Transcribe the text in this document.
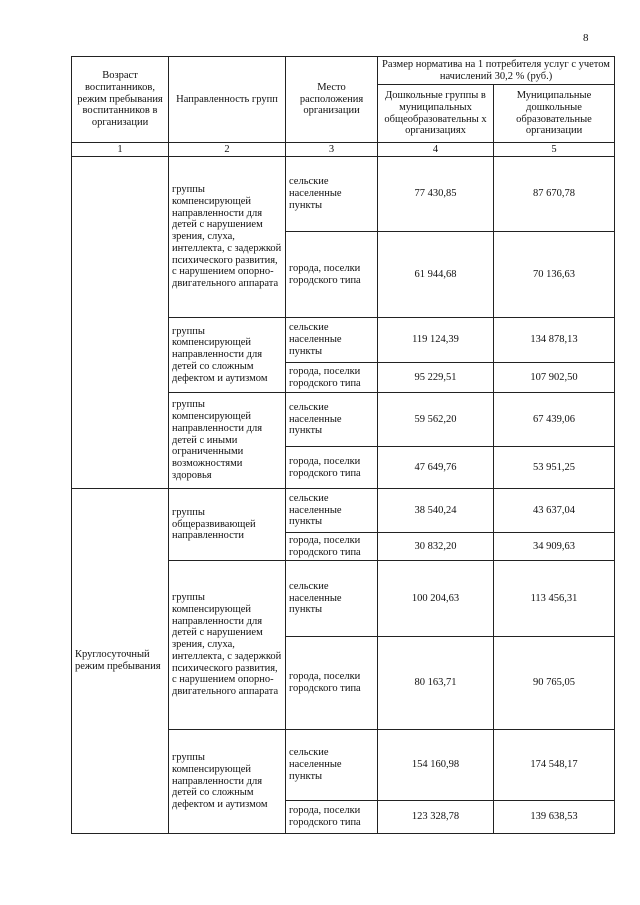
8
Возраст воспитанников, режим пребывания воспитанников в организации	Направленность групп	Место расположения организации	Размер норматива на 1 потребителя услуг с учетом начислений 30,2 % (руб.)	
			Дошкольные группы в муниципальных общеобразовательны х организациях	Муниципальные дошкольные образовательные организации
1	2	3	4	5
	группы компенсирующей направленности для детей с нарушением зрения, слуха, интеллекта, с задержкой психического развития, с нарушением опорно-двигательного аппарата	сельские населенные пункты	77 430,85	87 670,78
		города, поселки городского типа	61 944,68	70 136,63
	группы компенсирующей направленности для детей со сложным дефектом и аутизмом	сельские населенные пункты	119 124,39	134 878,13
		города, поселки городского типа	95 229,51	107 902,50
	группы компенсирующей направленности для детей с иными ограниченными возможностями здоровья	сельские населенные пункты	59 562,20	67 439,06
		города, поселки городского типа	47 649,76	53 951,25
Круглосуточный режим пребывания	группы общеразвивающей направленности	сельские населенные пункты	38 540,24	43 637,04
		города, поселки городского типа	30 832,20	34 909,63
	группы компенсирующей направленности для детей с нарушением зрения, слуха, интеллекта, с задержкой психического развития, с нарушением опорно-двигательного аппарата	сельские населенные пункты	100 204,63	113 456,31
		города, поселки городского типа	80 163,71	90 765,05
	группы компенсирующей направленности для детей со сложным дефектом и аутизмом	сельские населенные пункты	154 160,98	174 548,17
		города, поселки городского типа	123 328,78	139 638,53
